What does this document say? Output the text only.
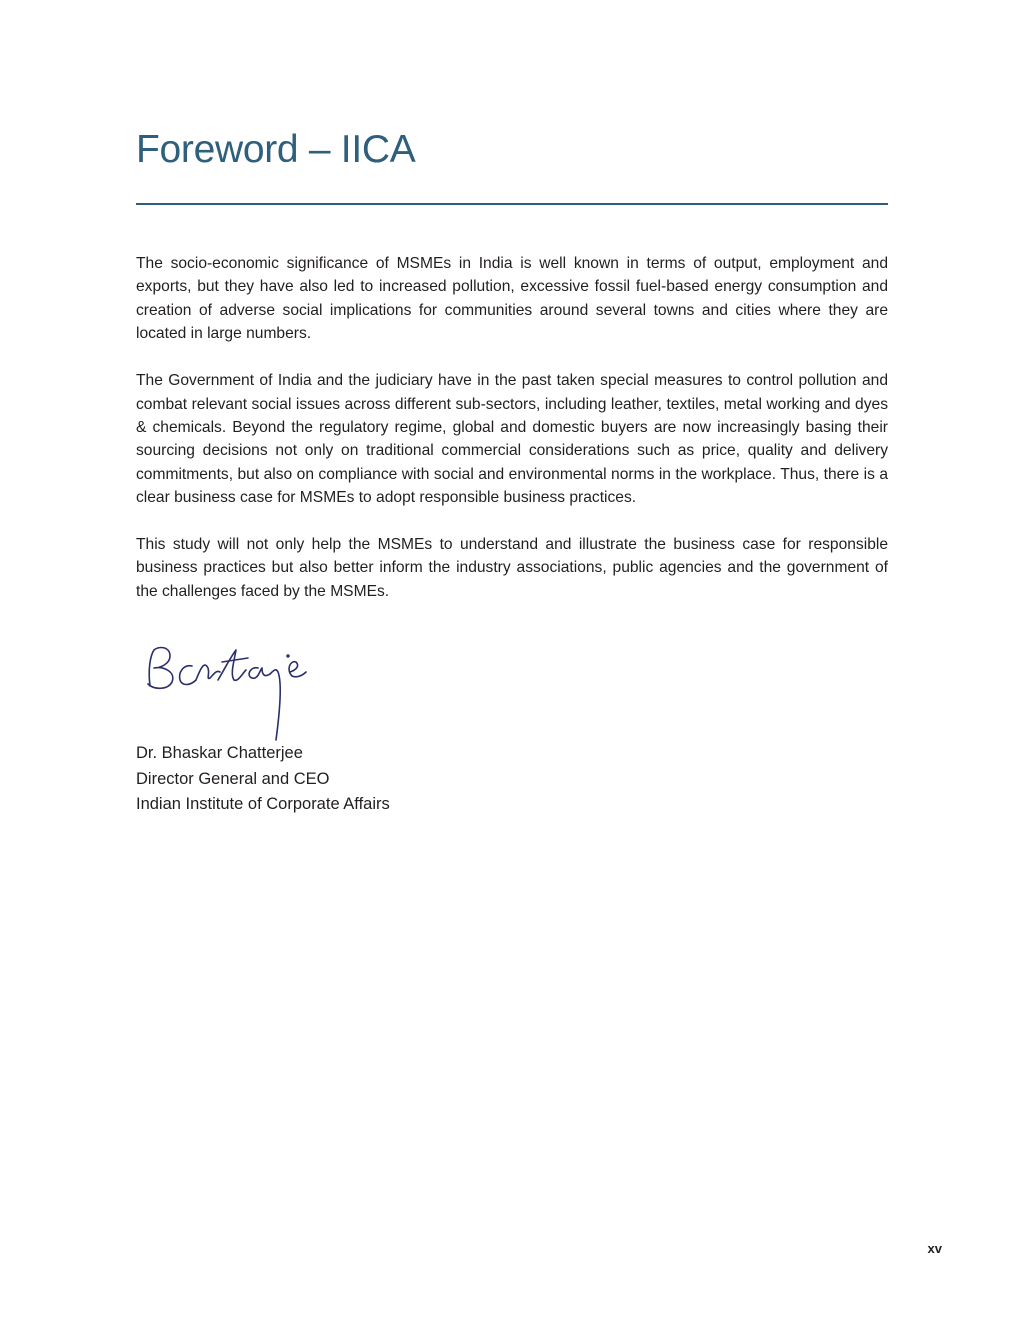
Foreword – IICA

The socio-economic significance of MSMEs in India is well known in terms of output, employment and exports, but they have also led to increased pollution, excessive fossil fuel-based energy consumption and creation of adverse social implications for communities around several towns and cities where they are located in large numbers.

The Government of India and the judiciary have in the past taken special measures to control pollution and combat relevant social issues across different sub-sectors, including leather, textiles, metal working and dyes & chemicals. Beyond the regulatory regime, global and domestic buyers are now increasingly basing their sourcing decisions not only on traditional commercial considerations such as price, quality and delivery commitments, but also on compliance with social and environmental norms in the workplace. Thus, there is a clear business case for MSMEs to adopt responsible business practices.

This study will not only help the MSMEs to understand and illustrate the business case for responsible business practices but also better inform the industry associations, public agencies and the government of the challenges faced by the MSMEs.

Dr. Bhaskar Chatterjee
Director General and CEO
Indian Institute of Corporate Affairs
xv
